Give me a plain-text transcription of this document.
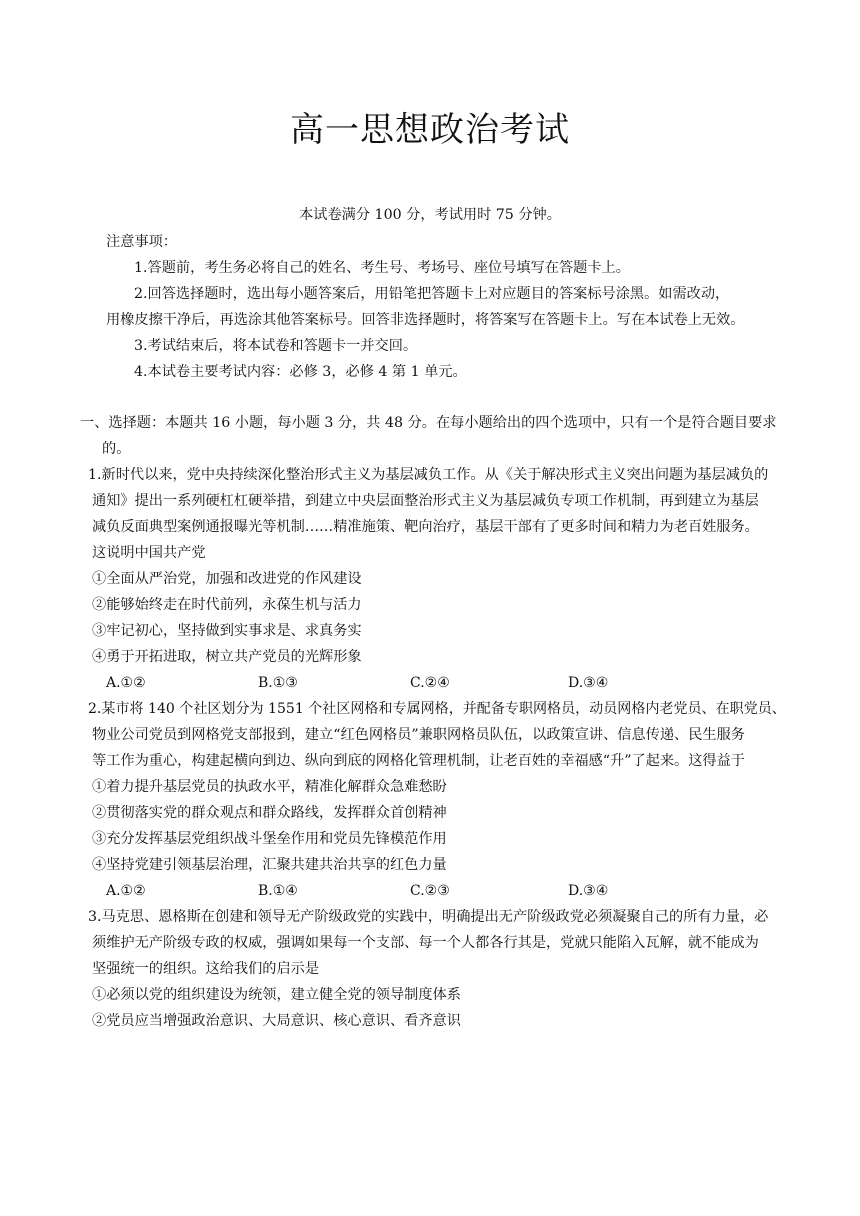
高一思想政治考试
本试卷满分 100 分，考试用时 75 分钟。
注意事项：
1.答题前，考生务必将自己的姓名、考生号、考场号、座位号填写在答题卡上。
2.回答选择题时，选出每小题答案后，用铅笔把答题卡上对应题目的答案标号涂黑。如需改动，
用橡皮擦干净后，再选涂其他答案标号。回答非选择题时，将答案写在答题卡上。写在本试卷上无效。
3.考试结束后，将本试卷和答题卡一并交回。
4.本试卷主要考试内容：必修 3，必修 4 第 1 单元。
一、选择题：本题共 16 小题，每小题 3 分，共 48 分。在每小题给出的四个选项中，只有一个是符合题目要求
的。
1.新时代以来，党中央持续深化整治形式主义为基层减负工作。从《关于解决形式主义突出问题为基层减负的
通知》提出一系列硬杠杠硬举措，到建立中央层面整治形式主义为基层减负专项工作机制，再到建立为基层
减负反面典型案例通报曝光等机制……精准施策、靶向治疗，基层干部有了更多时间和精力为老百姓服务。
这说明中国共产党
①全面从严治党，加强和改进党的作风建设
②能够始终走在时代前列，永葆生机与活力
③牢记初心，坚持做到实事求是、求真务实
④勇于开拓进取，树立共产党员的光辉形象
A.①②	B.①③	C.②④	D.③④
2.某市将 140 个社区划分为 1551 个社区网格和专属网格，并配备专职网格员，动员网格内老党员、在职党员、
物业公司党员到网格党支部报到，建立“红色网格员”兼职网格员队伍，以政策宣讲、信息传递、民生服务
等工作为重心，构建起横向到边、纵向到底的网格化管理机制，让老百姓的幸福感“升”了起来。这得益于
①着力提升基层党员的执政水平，精准化解群众急难愁盼
②贯彻落实党的群众观点和群众路线，发挥群众首创精神
③充分发挥基层党组织战斗堡垒作用和党员先锋模范作用
④坚持党建引领基层治理，汇聚共建共治共享的红色力量
A.①②	B.①④	C.②③	D.③④
3.马克思、恩格斯在创建和领导无产阶级政党的实践中，明确提出无产阶级政党必须凝聚自己的所有力量，必
须维护无产阶级专政的权威，强调如果每一个支部、每一个人都各行其是，党就只能陷入瓦解，就不能成为
坚强统一的组织。这给我们的启示是
①必须以党的组织建设为统领，建立健全党的领导制度体系
②党员应当增强政治意识、大局意识、核心意识、看齐意识
